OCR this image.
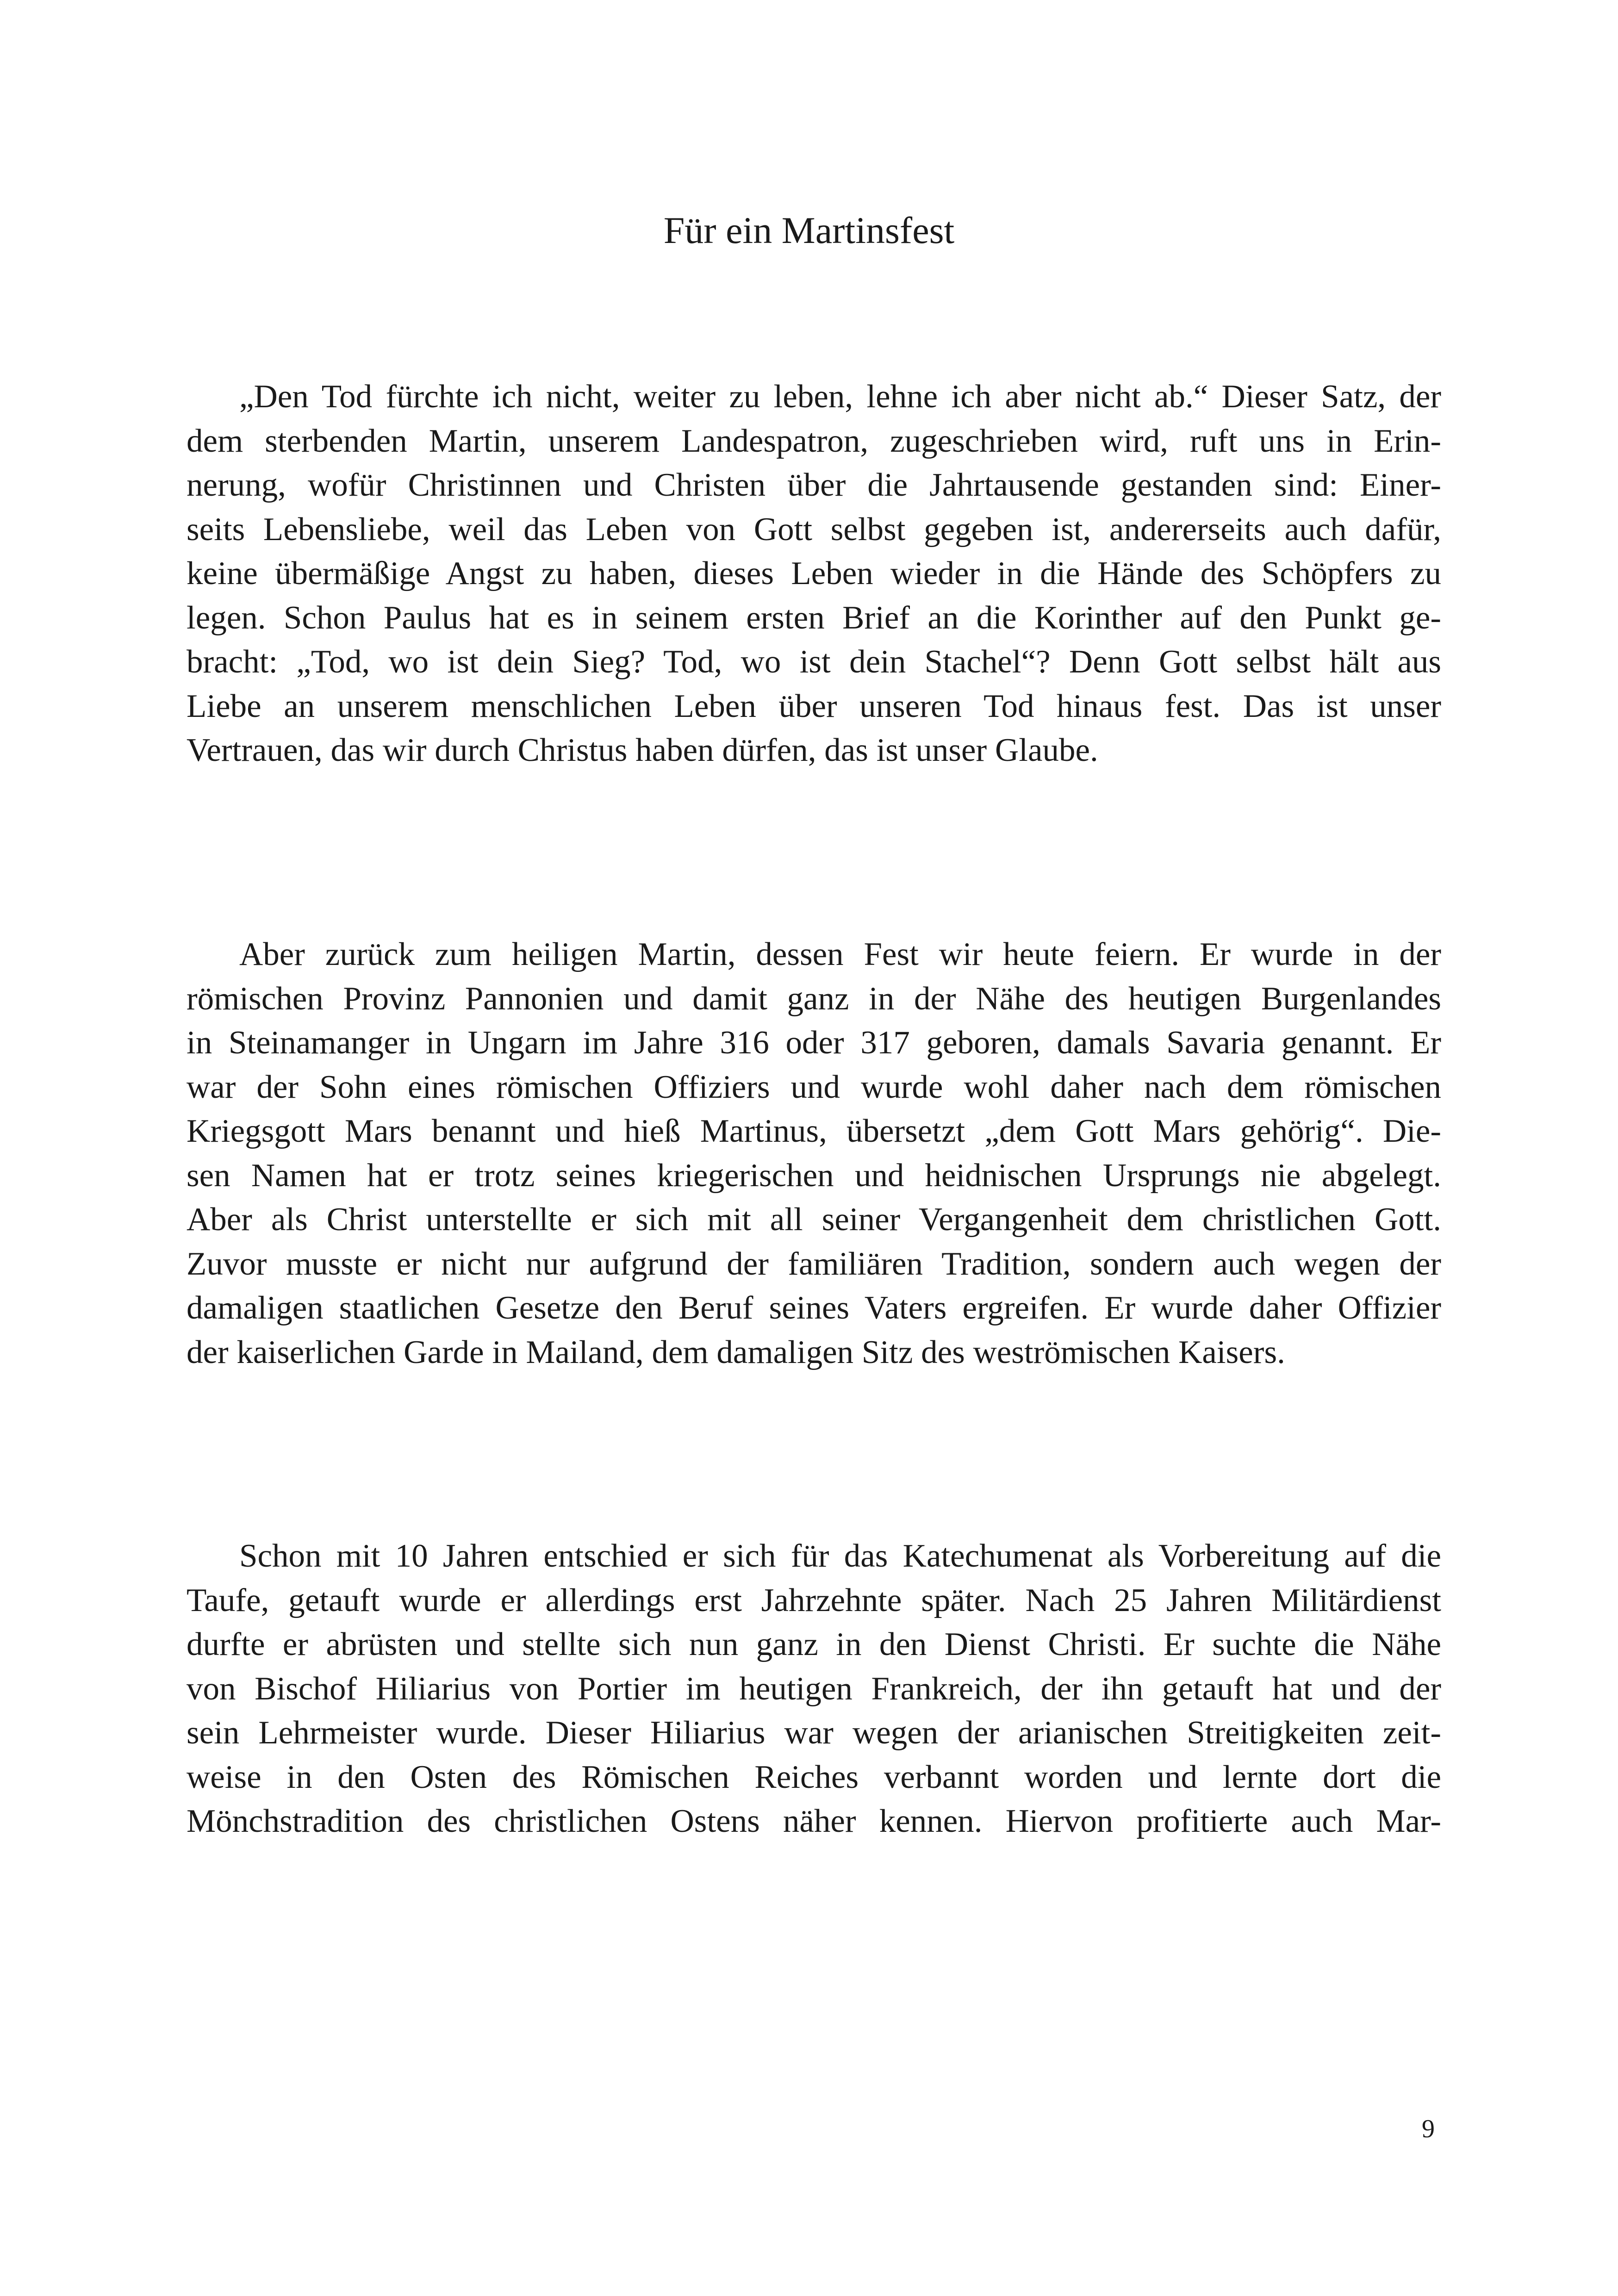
Für ein Martinsfest

„Den Tod fürchte ich nicht, weiter zu leben, lehne ich aber nicht ab.“ Dieser Satz, der
dem sterbenden Martin, unserem Landespatron, zugeschrieben wird, ruft uns in Erin-
nerung, wofür Christinnen und Christen über die Jahrtausende gestanden sind: Einer-
seits Lebensliebe, weil das Leben von Gott selbst gegeben ist, andererseits auch dafür,
keine übermäßige Angst zu haben, dieses Leben wieder in die Hände des Schöpfers zu
legen. Schon Paulus hat es in seinem ersten Brief an die Korinther auf den Punkt ge-
bracht: „Tod, wo ist dein Sieg? Tod, wo ist dein Stachel“? Denn Gott selbst hält aus
Liebe an unserem menschlichen Leben über unseren Tod hinaus fest. Das ist unser
Vertrauen, das wir durch Christus haben dürfen, das ist unser Glaube.

Aber zurück zum heiligen Martin, dessen Fest wir heute feiern. Er wurde in der
römischen Provinz Pannonien und damit ganz in der Nähe des heutigen Burgenlandes
in Steinamanger in Ungarn im Jahre 316 oder 317 geboren, damals Savaria genannt. Er
war der Sohn eines römischen Offiziers und wurde wohl daher nach dem römischen
Kriegsgott Mars benannt und hieß Martinus, übersetzt „dem Gott Mars gehörig“. Die-
sen Namen hat er trotz seines kriegerischen und heidnischen Ursprungs nie abgelegt.
Aber als Christ unterstellte er sich mit all seiner Vergangenheit dem christlichen Gott.
Zuvor musste er nicht nur aufgrund der familiären Tradition, sondern auch wegen der
damaligen staatlichen Gesetze den Beruf seines Vaters ergreifen. Er wurde daher Offizier
der kaiserlichen Garde in Mailand, dem damaligen Sitz des weströmischen Kaisers.

Schon mit 10 Jahren entschied er sich für das Katechumenat als Vorbereitung auf die
Taufe, getauft wurde er allerdings erst Jahrzehnte später. Nach 25 Jahren Militärdienst
durfte er abrüsten und stellte sich nun ganz in den Dienst Christi. Er suchte die Nähe
von Bischof Hiliarius von Portier im heutigen Frankreich, der ihn getauft hat und der
sein Lehrmeister wurde. Dieser Hiliarius war wegen der arianischen Streitigkeiten zeit-
weise in den Osten des Römischen Reiches verbannt worden und lernte dort die
Mönchstradition des christlichen Ostens näher kennen. Hiervon profitierte auch Mar-

9
